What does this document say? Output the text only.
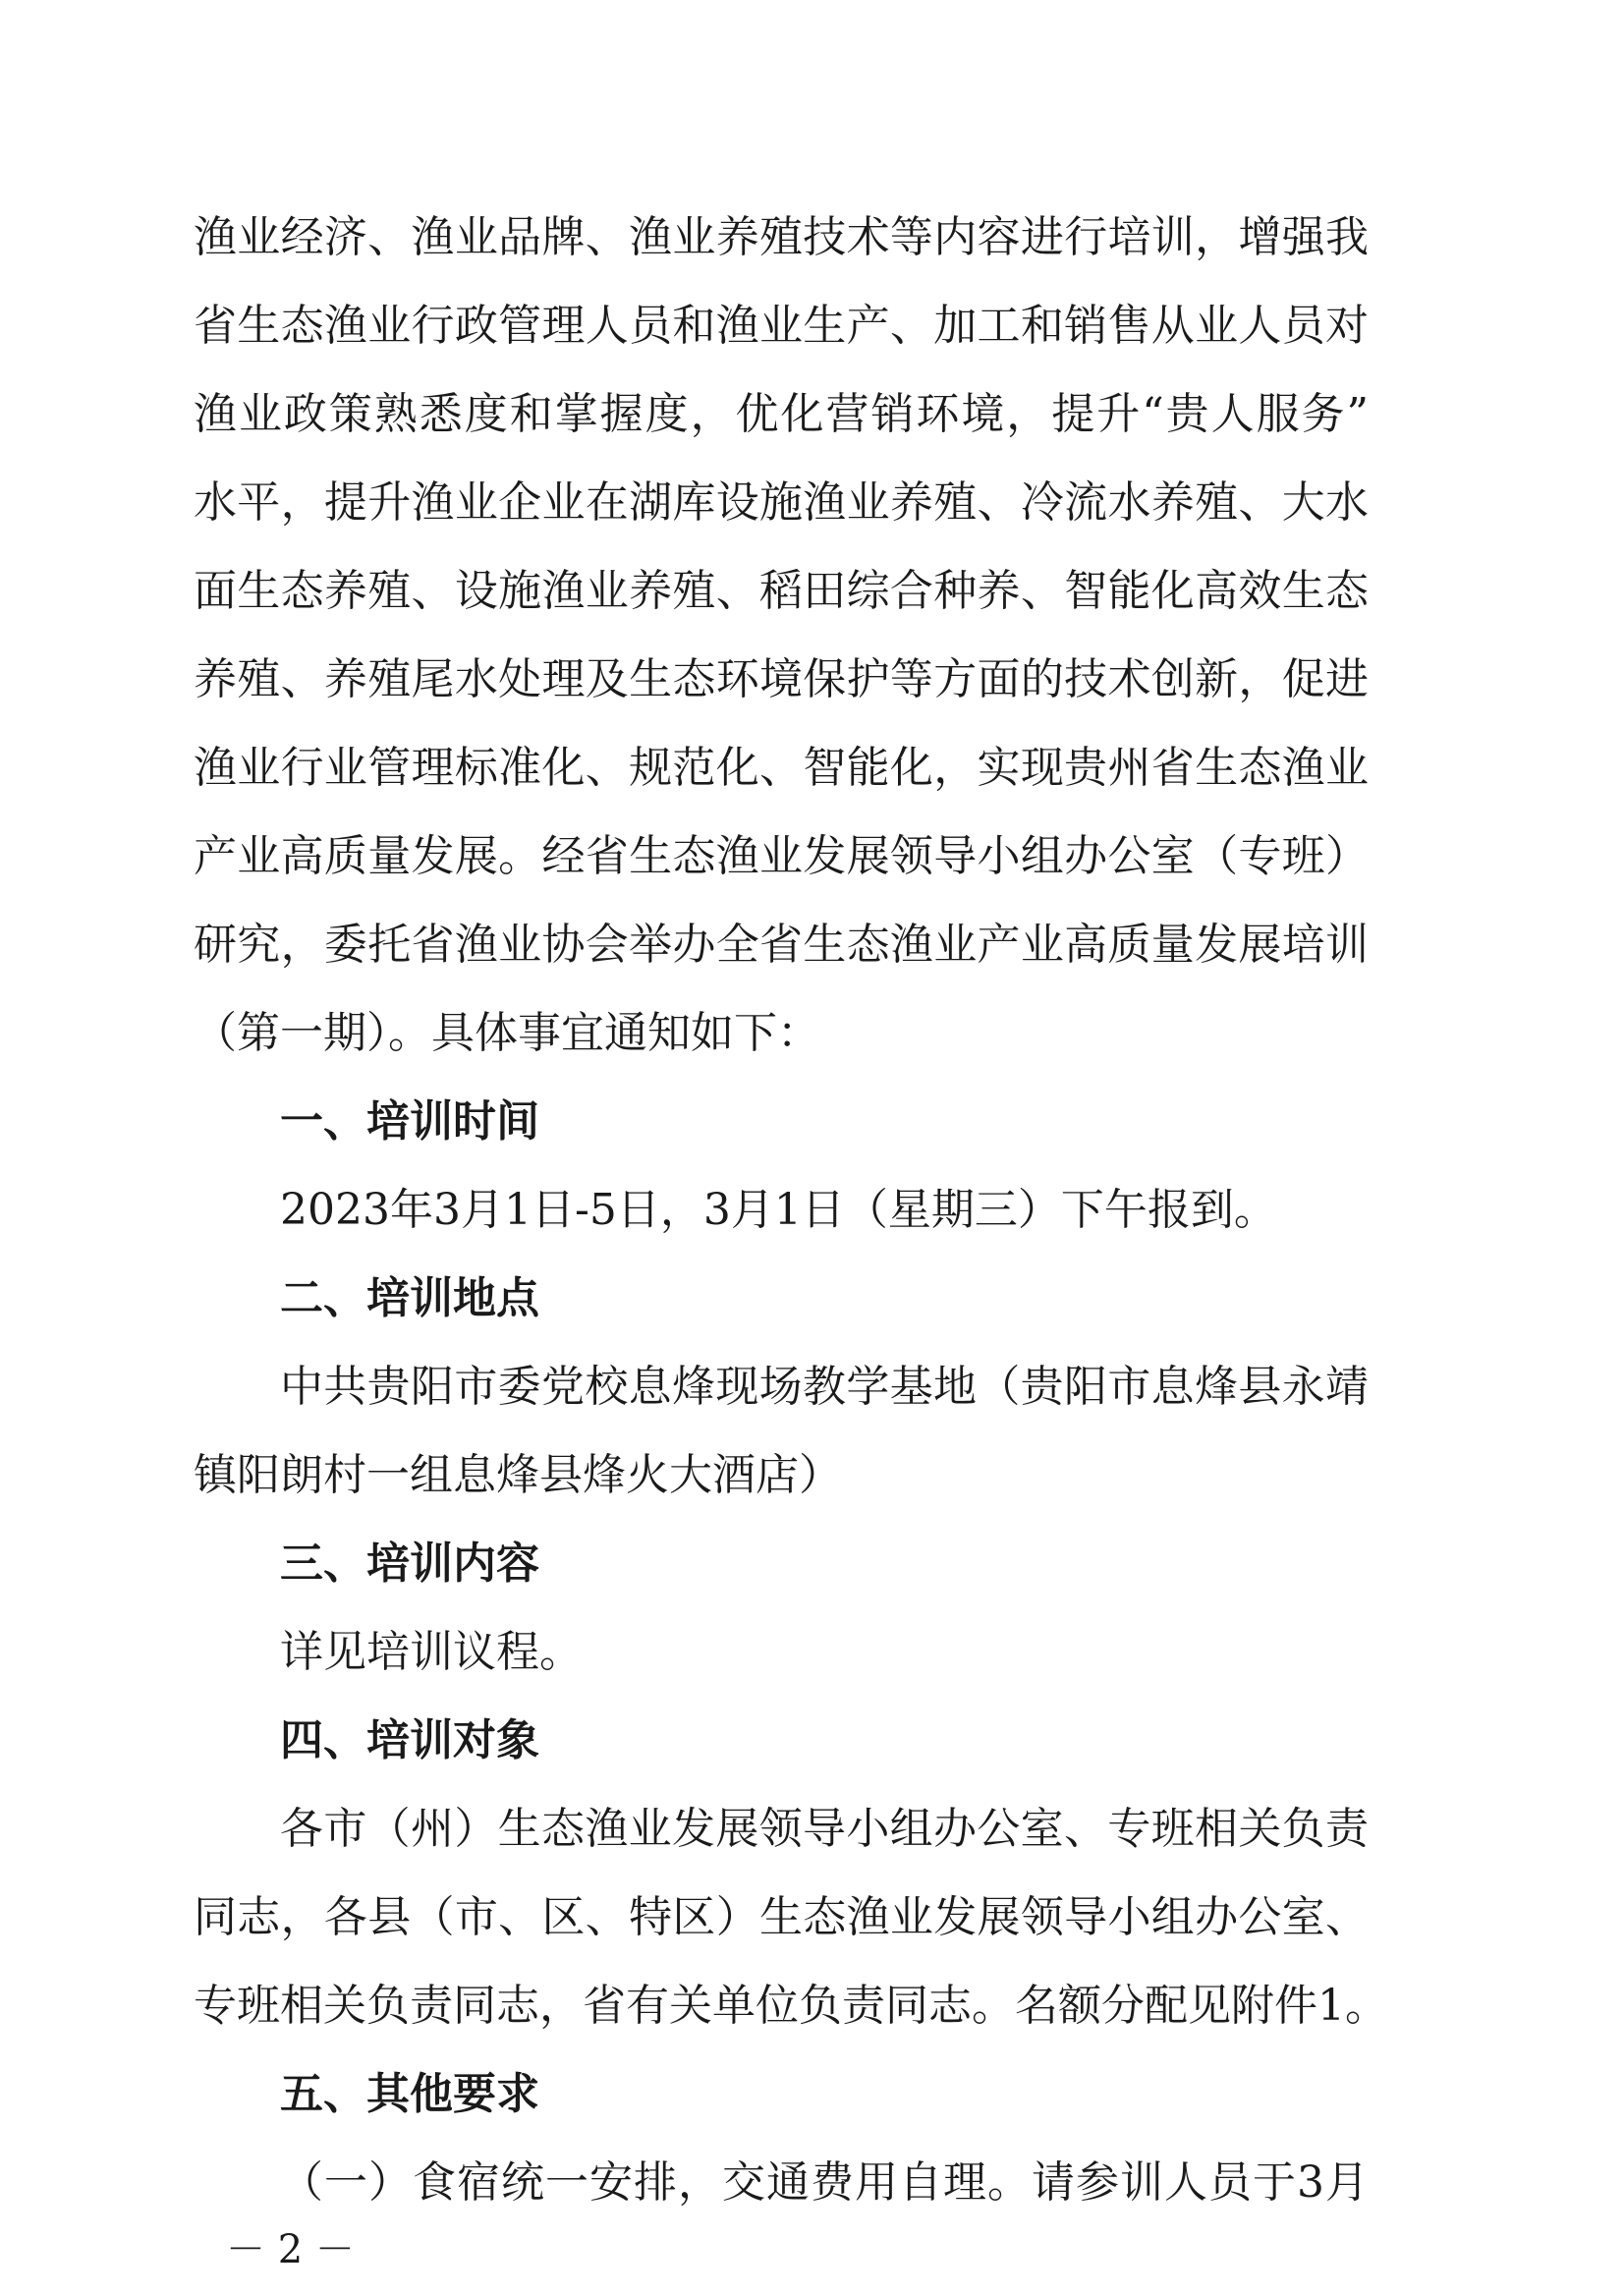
渔业经济、渔业品牌、渔业养殖技术等内容进行培训，增强我
省生态渔业行政管理人员和渔业生产、加工和销售从业人员对
渔业政策熟悉度和掌握度，优化营销环境，提升“贵人服务”
水平，提升渔业企业在湖库设施渔业养殖、冷流水养殖、大水
面生态养殖、设施渔业养殖、稻田综合种养、智能化高效生态
养殖、养殖尾水处理及生态环境保护等方面的技术创新，促进
渔业行业管理标准化、规范化、智能化，实现贵州省生态渔业
产业高质量发展。经省生态渔业发展领导小组办公室（专班）
研究，委托省渔业协会举办全省生态渔业产业高质量发展培训
（第一期）。具体事宜通知如下：
一、培训时间
2023年3月1日-5日，3月1日（星期三）下午报到。
二、培训地点
中共贵阳市委党校息烽现场教学基地（贵阳市息烽县永靖
镇阳朗村一组息烽县烽火大酒店）
三、培训内容
详见培训议程。
四、培训对象
各市（州）生态渔业发展领导小组办公室、专班相关负责
同志，各县（市、区、特区）生态渔业发展领导小组办公室、
专班相关负责同志，省有关单位负责同志。名额分配见附件1。
五、其他要求
（一）食宿统一安排，交通费用自理。请参训人员于3月
－ 2 －
